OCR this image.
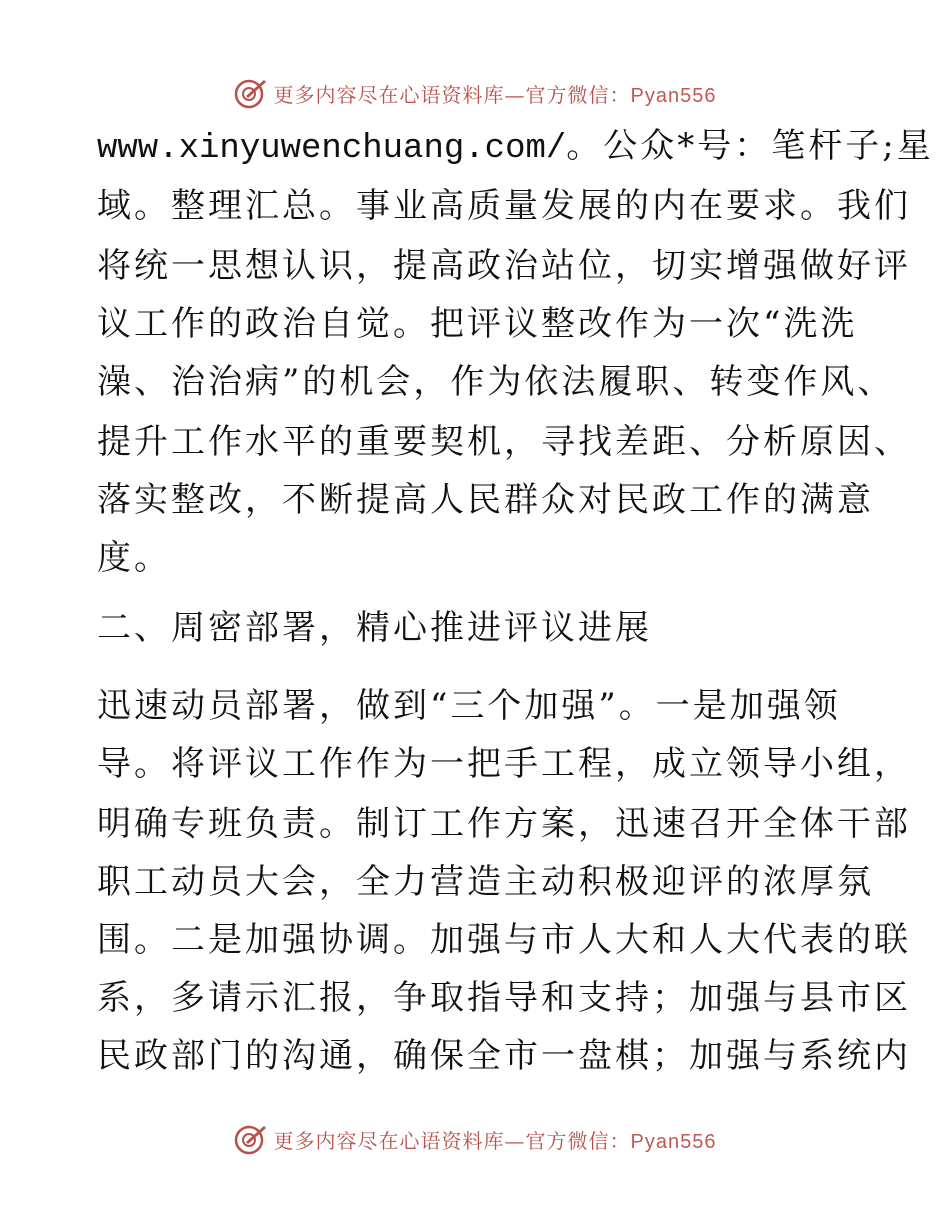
更多内容尽在心语资料库—官方微信：Pyan556
www.xinyuwenchuang.com/。公众*号：笔杆子;星
域。整理汇总。事业高质量发展的内在要求。我们
将统一思想认识，提高政治站位，切实增强做好评
议工作的政治自觉。把评议整改作为一次“洗洗
澡、治治病”的机会，作为依法履职、转变作风、
提升工作水平的重要契机，寻找差距、分析原因、
落实整改，不断提高人民群众对民政工作的满意
度。
二、周密部署，精心推进评议进展
迅速动员部署，做到“三个加强”。一是加强领
导。将评议工作作为一把手工程，成立领导小组，
明确专班负责。制订工作方案，迅速召开全体干部
职工动员大会，全力营造主动积极迎评的浓厚氛
围。二是加强协调。加强与市人大和人大代表的联
系，多请示汇报，争取指导和支持；加强与县市区
民政部门的沟通，确保全市一盘棋；加强与系统内
更多内容尽在心语资料库—官方微信：Pyan556
